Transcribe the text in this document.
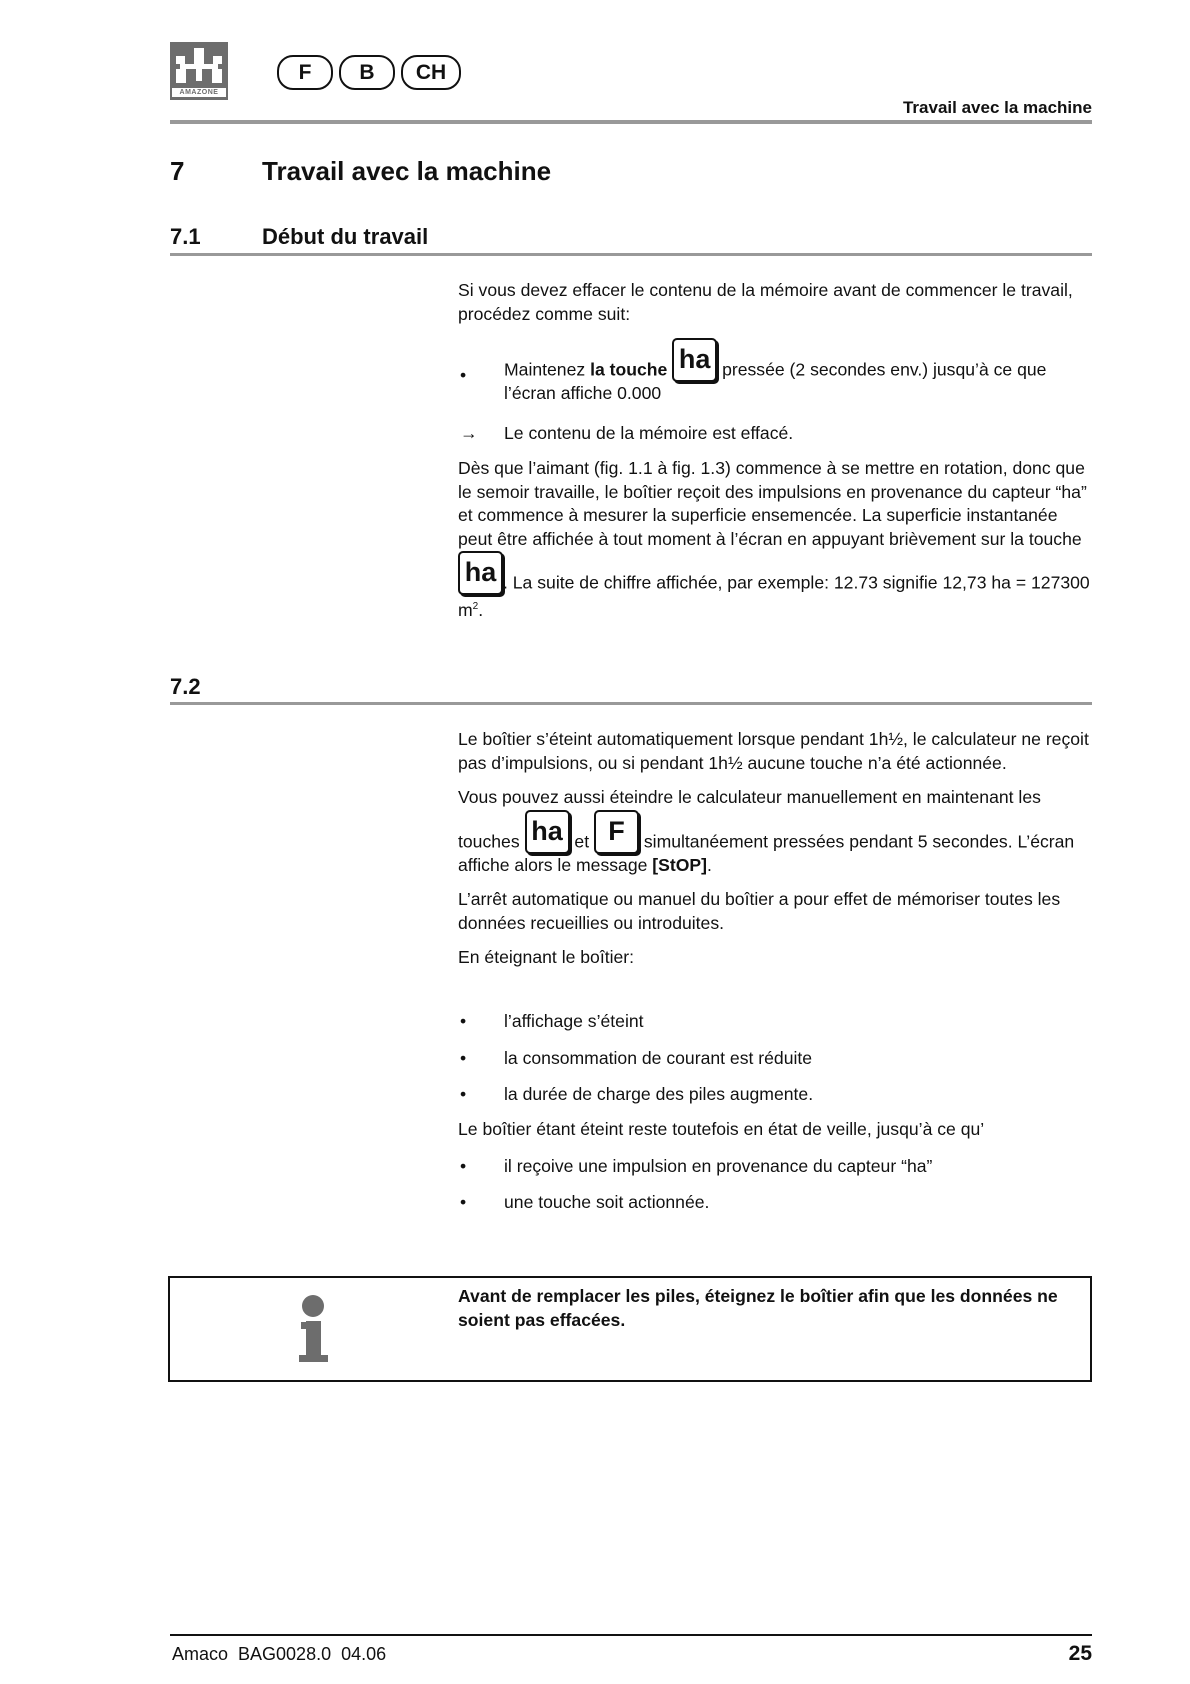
AMAZONE
F	B	CH
Travail avec la machine
7	Travail avec la machine
7.1	Début du travail

Si vous devez effacer le contenu de la mémoire avant de commencer le travail, procédez comme suit:

• Maintenez la touche ha pressée (2 secondes env.) jusqu’à ce que l’écran affiche 0.000
→ Le contenu de la mémoire est effacé.

Dès que l’aimant (fig. 1.1 à fig. 1.3) commence à se mettre en rotation, donc que le semoir travaille, le boîtier reçoit des impulsions en provenance du capteur “ha” et commence à mesurer la superficie ensemencée. La superficie instantanée peut être affichée à tout moment à l’écran en appuyant brièvement sur la touche ha . La suite de chiffre affichée, par exemple: 12.73 signifie 12,73 ha = 127300 $m^2$.

7.2

Le boîtier s’éteint automatiquement lorsque pendant 1h½, le calculateur ne reçoit pas d’impulsions, ou si pendant 1h½ aucune touche n’a été actionnée.

Vous pouvez aussi éteindre le calculateur manuellement en maintenant les touches ha et F simultanéement pressées pendant 5 secondes. L’écran affiche alors le message [StOP].

L’arrêt automatique ou manuel du boîtier a pour effet de mémoriser toutes les données recueillies ou introduites.

En éteignant le boîtier:

• l’affichage s’éteint
• la consommation de courant est réduite
• la durée de charge des piles augmente.

Le boîtier étant éteint reste toutefois en état de veille, jusqu’à ce qu’

• il reçoive une impulsion en provenance du capteur “ha”
• une touche soit actionnée.
Avant de remplacer les piles, éteignez le boîtier afin que les données ne soient pas effacées.
Amaco  BAG0028.0  04.06	25
